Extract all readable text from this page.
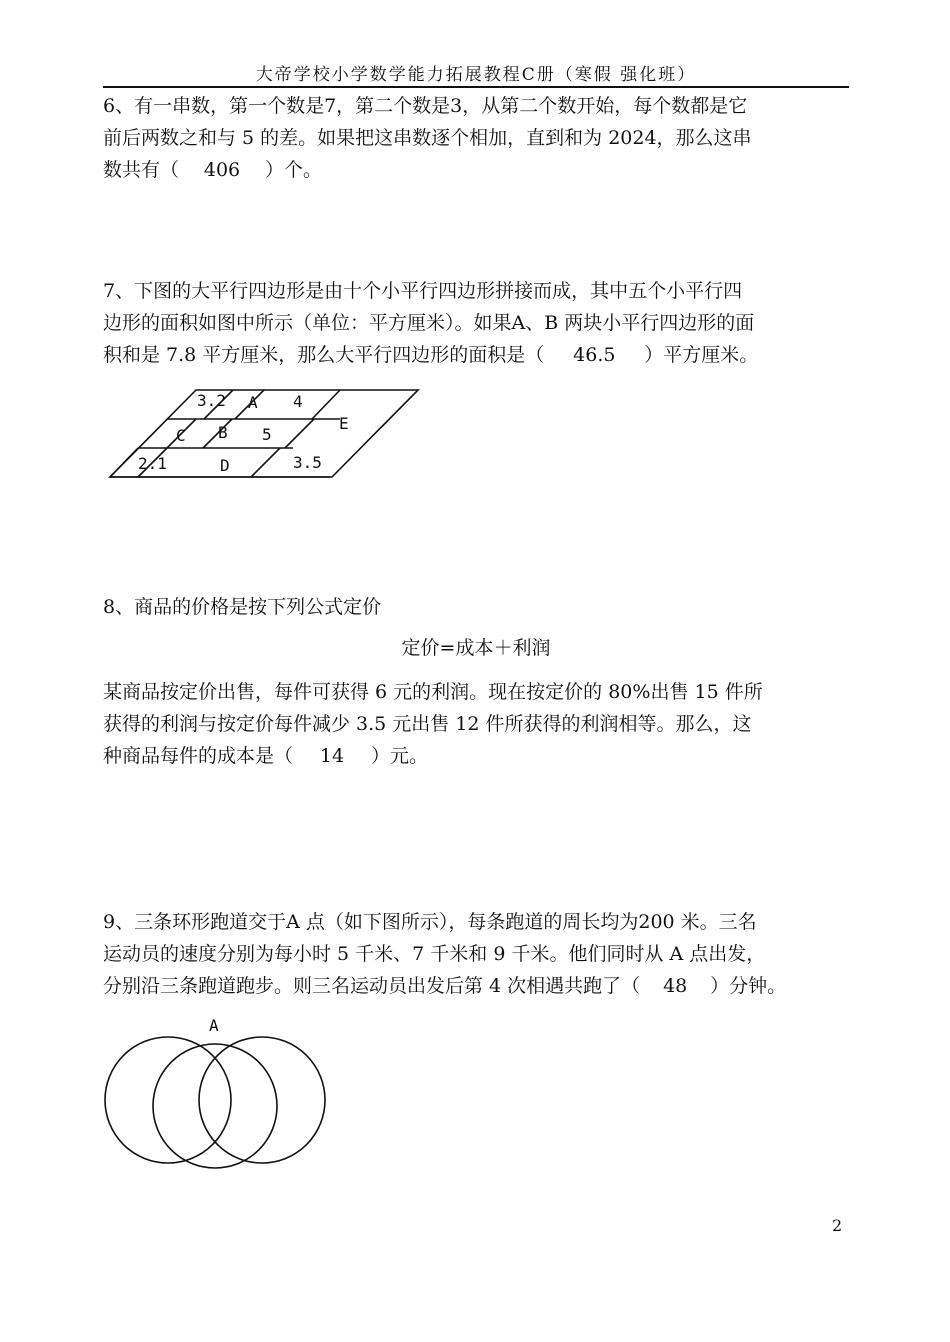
大帝学校小学数学能力拓展教程C册（寒假 强化班）
6、有一串数，第一个数是7，第二个数是3，从第二个数开始，每个数都是它
前后两数之和与 5 的差。如果把这串数逐个相加，直到和为 2024，那么这串
数共有（ 406 ）个。
7、下图的大平行四边形是由十个小平行四边形拼接而成，其中五个小平行四
边形的面积如图中所示（单位：平方厘米）。如果A、B 两块小平行四边形的面
积和是 7.8 平方厘米，那么大平行四边形的面积是（ 46.5 ）平方厘米。
3.2 A 4
E
C B 5
2.1	D	3.5
8、商品的价格是按下列公式定价
定价=成本＋利润
某商品按定价出售，每件可获得 6 元的利润。现在按定价的 80%出售 15 件所
获得的利润与按定价每件减少 3.5 元出售 12 件所获得的利润相等。那么，这
种商品每件的成本是（ 14 ）元。
9、三条环形跑道交于A 点（如下图所示），每条跑道的周长均为200 米。三名
运动员的速度分别为每小时 5 千米、7 千米和 9 千米。他们同时从 A 点出发，
分别沿三条跑道跑步。则三名运动员出发后第 4 次相遇共跑了（ 48 ）分钟。
A
2
